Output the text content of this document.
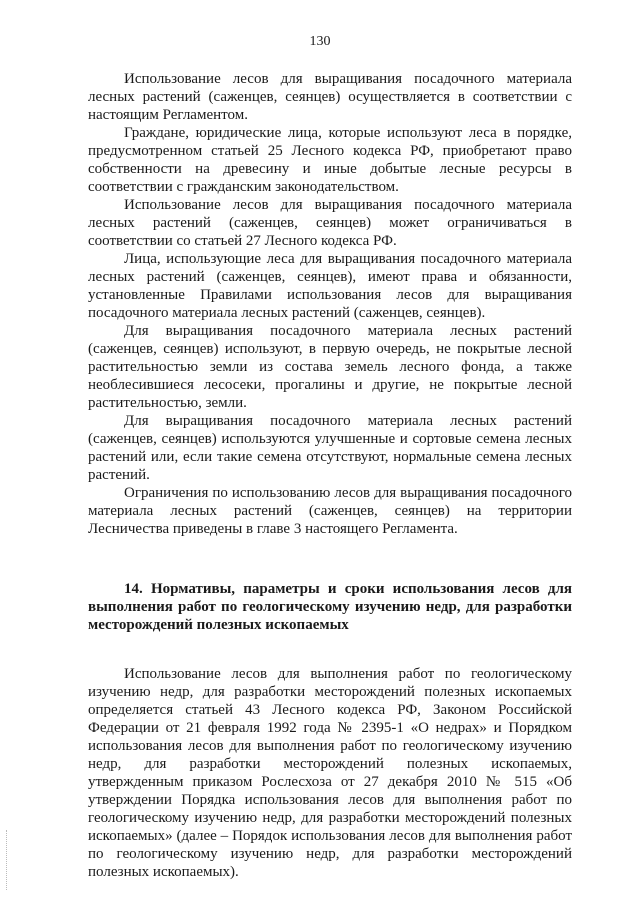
130

Использование лесов для выращивания посадочного материала лесных растений (саженцев, сеянцев) осуществляется в соответствии с настоящим Регламентом.

Граждане, юридические лица, которые используют леса в порядке, предусмотренном статьей 25 Лесного кодекса РФ, приобретают право собственности на древесину и иные добытые лесные ресурсы в соответствии с гражданским законодательством.

Использование лесов для выращивания посадочного материала лесных растений (саженцев, сеянцев) может ограничиваться в соответствии со статьей 27 Лесного кодекса РФ.

Лица, использующие леса для выращивания посадочного материала лесных растений (саженцев, сеянцев), имеют права и обязанности, установленные Правилами использования лесов для выращивания посадочного материала лесных растений (саженцев, сеянцев).

Для выращивания посадочного материала лесных растений (саженцев, сеянцев) используют, в первую очередь, не покрытые лесной растительностью земли из состава земель лесного фонда, а также необлесившиеся лесосеки, прогалины и другие, не покрытые лесной растительностью, земли.

Для выращивания посадочного материала лесных растений (саженцев, сеянцев) используются улучшенные и сортовые семена лесных растений или, если такие семена отсутствуют, нормальные семена лесных растений.

Ограничения по использованию лесов для выращивания посадочного материала лесных растений (саженцев, сеянцев) на территории Лесничества приведены в главе 3 настоящего Регламента.

14. Нормативы, параметры и сроки использования лесов для выполнения работ по геологическому изучению недр, для разработки месторождений полезных ископаемых

Использование лесов для выполнения работ по геологическому изучению недр, для разработки месторождений полезных ископаемых определяется статьей 43 Лесного кодекса РФ, Законом Российской Федерации от 21 февраля 1992 года № 2395-1 «О недрах» и Порядком использования лесов для выполнения работ по геологическому изучению недр, для разработки месторождений полезных ископаемых, утвержденным приказом Рослесхоза от 27 декабря 2010 № 515 «Об утверждении Порядка использования лесов для выполнения работ по геологическому изучению недр, для разработки месторождений полезных ископаемых» (далее – Порядок использования лесов для выполнения работ по геологическому изучению недр, для разработки месторождений полезных ископаемых).
